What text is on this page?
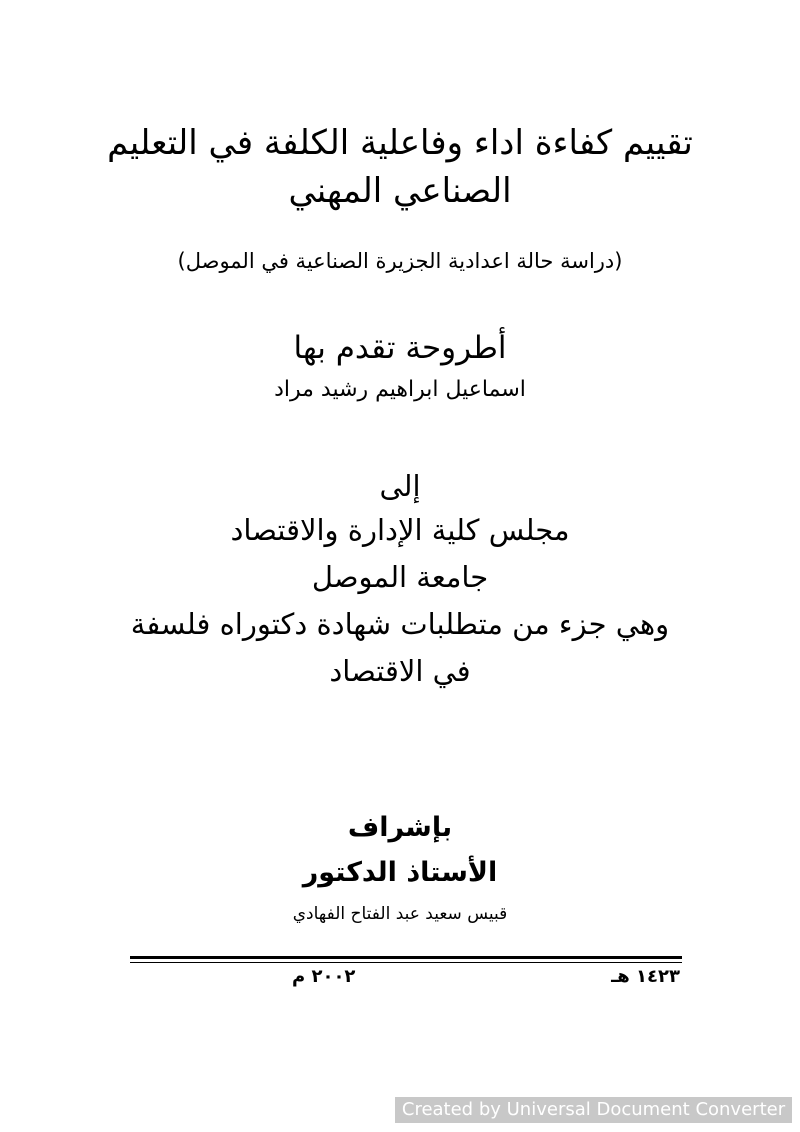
تقييم كفاءة اداء وفاعلية الكلفة في التعليم
الصناعي المهني
(دراسة حالة اعدادية الجزيرة الصناعية في الموصل)
أطروحة تقدم بها
اسماعيل ابراهيم رشيد مراد
إلى
مجلس كلية الإدارة والاقتصاد
جامعة الموصل
وهي جزء من متطلبات شهادة دكتوراه فلسفة
في الاقتصاد
بإشراف
الأستاذ الدكتور
قبيس سعيد عبد الفتاح الفهادي
١٤٢٣ هـ
٢٠٠٢ م
Created by Universal Document Converter
